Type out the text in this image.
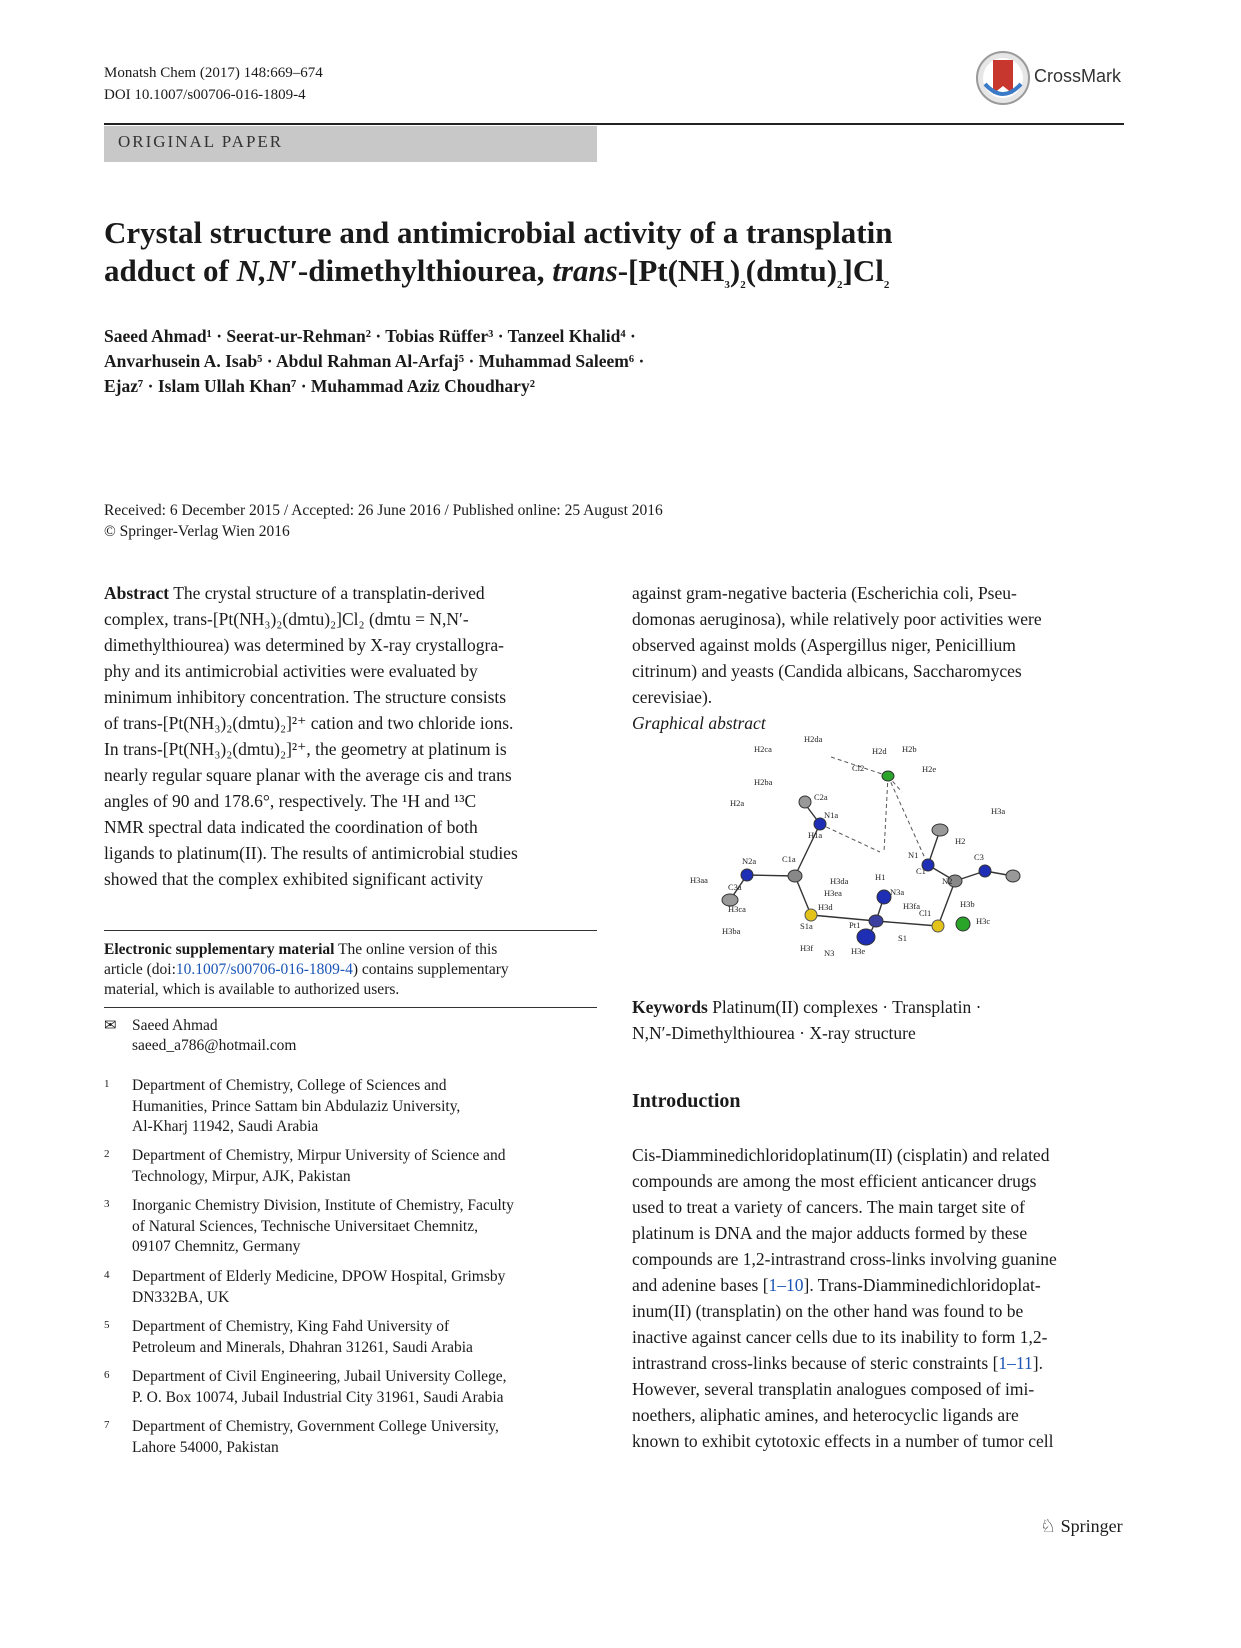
Monatsh Chem (2017) 148:669–674
DOI 10.1007/s00706-016-1809-4
CrossMark
ORIGINAL PAPER
Crystal structure and antimicrobial activity of a transplatin
adduct of N,N′-dimethylthiourea, trans-$[Pt(NH_3)_2(dmtu)_2]Cl_2$
Saeed Ahmad¹ · Seerat-ur-Rehman² · Tobias Rüffer³ · Tanzeel Khalid⁴ ·
Anvarhusein A. Isab⁵ · Abdul Rahman Al-Arfaj⁵ · Muhammad Saleem⁶ ·
Ejaz⁷ · Islam Ullah Khan⁷ · Muhammad Aziz Choudhary²
Received: 6 December 2015 / Accepted: 26 June 2016 / Published online: 25 August 2016
© Springer-Verlag Wien 2016
Abstract The crystal structure of a transplatin-derived
complex, trans-[Pt(NH₃)₂(dmtu)₂]Cl₂ (dmtu = N,N′-
dimethylthiourea) was determined by X-ray crystallogra-
phy and its antimicrobial activities were evaluated by
minimum inhibitory concentration. The structure consists
of trans-[Pt(NH₃)₂(dmtu)₂]²⁺ cation and two chloride ions.
In trans-[Pt(NH₃)₂(dmtu)₂]²⁺, the geometry at platinum is
nearly regular square planar with the average cis and trans
angles of 90 and 178.6°, respectively. The ¹H and ¹³C
NMR spectral data indicated the coordination of both
ligands to platinum(II). The results of antimicrobial studies
showed that the complex exhibited significant activity
Electronic supplementary material The online version of this
article (doi:10.1007/s00706-016-1809-4) contains supplementary
material, which is available to authorized users.
✉ Saeed Ahmad
saeed_a786@hotmail.com
1 Department of Chemistry, College of Sciences and
Humanities, Prince Sattam bin Abdulaziz University,
Al-Kharj 11942, Saudi Arabia
2 Department of Chemistry, Mirpur University of Science and
Technology, Mirpur, AJK, Pakistan
3 Inorganic Chemistry Division, Institute of Chemistry, Faculty
of Natural Sciences, Technische Universitaet Chemnitz,
09107 Chemnitz, Germany
4 Department of Elderly Medicine, DPOW Hospital, Grimsby
DN332BA, UK
5 Department of Chemistry, King Fahd University of
Petroleum and Minerals, Dhahran 31261, Saudi Arabia
6 Department of Civil Engineering, Jubail University College,
P. O. Box 10074, Jubail Industrial City 31961, Saudi Arabia
7 Department of Chemistry, Government College University,
Lahore 54000, Pakistan
against gram-negative bacteria (Escherichia coli, Pseu-
domonas aeruginosa), while relatively poor activities were
observed against molds (Aspergillus niger, Penicillium
citrinum) and yeasts (Candida albicans, Saccharomyces
cerevisiae).
Graphical abstract
H2ca
H2da
Cl2
H2d H2b
H2e
C2a
H2ba
H2a
N1a
H1a
N2a	C1a
H3aa
C3a
H3ca
H3ba	S1a
H3d
H3ea
H3da
N3a
H3fa
H1
N1
C1
N2
H2
C3
H3a
H3b
H3c
Pt1
S1
Cl1
H3f N3 H3e
Keywords Platinum(II) complexes · Transplatin ·
N,N′-Dimethylthiourea · X-ray structure
Introduction
Cis-Diamminedichloridoplatinum(II) (cisplatin) and related
compounds are among the most efficient anticancer drugs
used to treat a variety of cancers. The main target site of
platinum is DNA and the major adducts formed by these
compounds are 1,2-intrastrand cross-links involving guanine
and adenine bases [1–10]. Trans-Diamminedichloridoplat-
inum(II) (transplatin) on the other hand was found to be
inactive against cancer cells due to its inability to form 1,2-
intrastrand cross-links because of steric constraints [1–11].
However, several transplatin analogues composed of imi-
noethers, aliphatic amines, and heterocyclic ligands are
known to exhibit cytotoxic effects in a number of tumor cell
♘ Springer
